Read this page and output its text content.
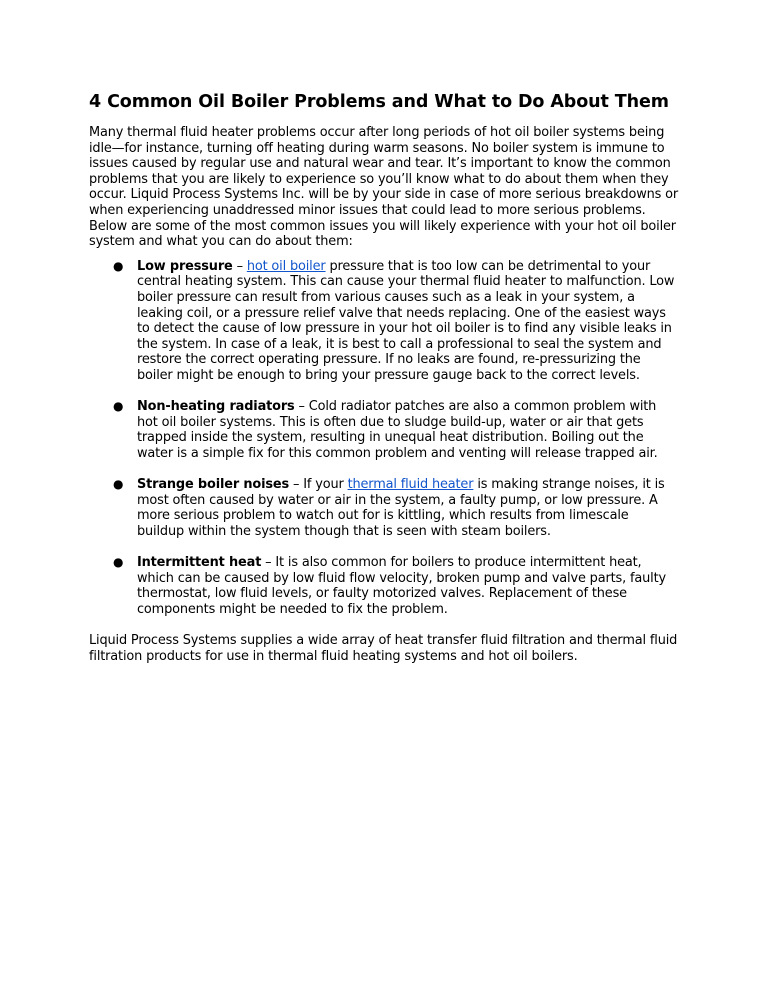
4 Common Oil Boiler Problems and What to Do About Them

Many thermal fluid heater problems occur after long periods of hot oil boiler systems being idle—for instance, turning off heating during warm seasons. No boiler system is immune to issues caused by regular use and natural wear and tear. It’s important to know the common problems that you are likely to experience so you’ll know what to do about them when they occur. Liquid Process Systems Inc. will be by your side in case of more serious breakdowns or when experiencing unaddressed minor issues that could lead to more serious problems. Below are some of the most common issues you will likely experience with your hot oil boiler system and what you can do about them:

● Low pressure – hot oil boiler pressure that is too low can be detrimental to your central heating system. This can cause your thermal fluid heater to malfunction. Low boiler pressure can result from various causes such as a leak in your system, a leaking coil, or a pressure relief valve that needs replacing. One of the easiest ways to detect the cause of low pressure in your hot oil boiler is to find any visible leaks in the system. In case of a leak, it is best to call a professional to seal the system and restore the correct operating pressure. If no leaks are found, re-pressurizing the boiler might be enough to bring your pressure gauge back to the correct levels.
● Non-heating radiators – Cold radiator patches are also a common problem with hot oil boiler systems. This is often due to sludge build-up, water or air that gets trapped inside the system, resulting in unequal heat distribution. Boiling out the water is a simple fix for this common problem and venting will release trapped air.
● Strange boiler noises – If your thermal fluid heater is making strange noises, it is most often caused by water or air in the system, a faulty pump, or low pressure. A more serious problem to watch out for is kittling, which results from limescale buildup within the system though that is seen with steam boilers.
● Intermittent heat – It is also common for boilers to produce intermittent heat, which can be caused by low fluid flow velocity, broken pump and valve parts, faulty thermostat, low fluid levels, or faulty motorized valves. Replacement of these components might be needed to fix the problem.

Liquid Process Systems supplies a wide array of heat transfer fluid filtration and thermal fluid filtration products for use in thermal fluid heating systems and hot oil boilers.
